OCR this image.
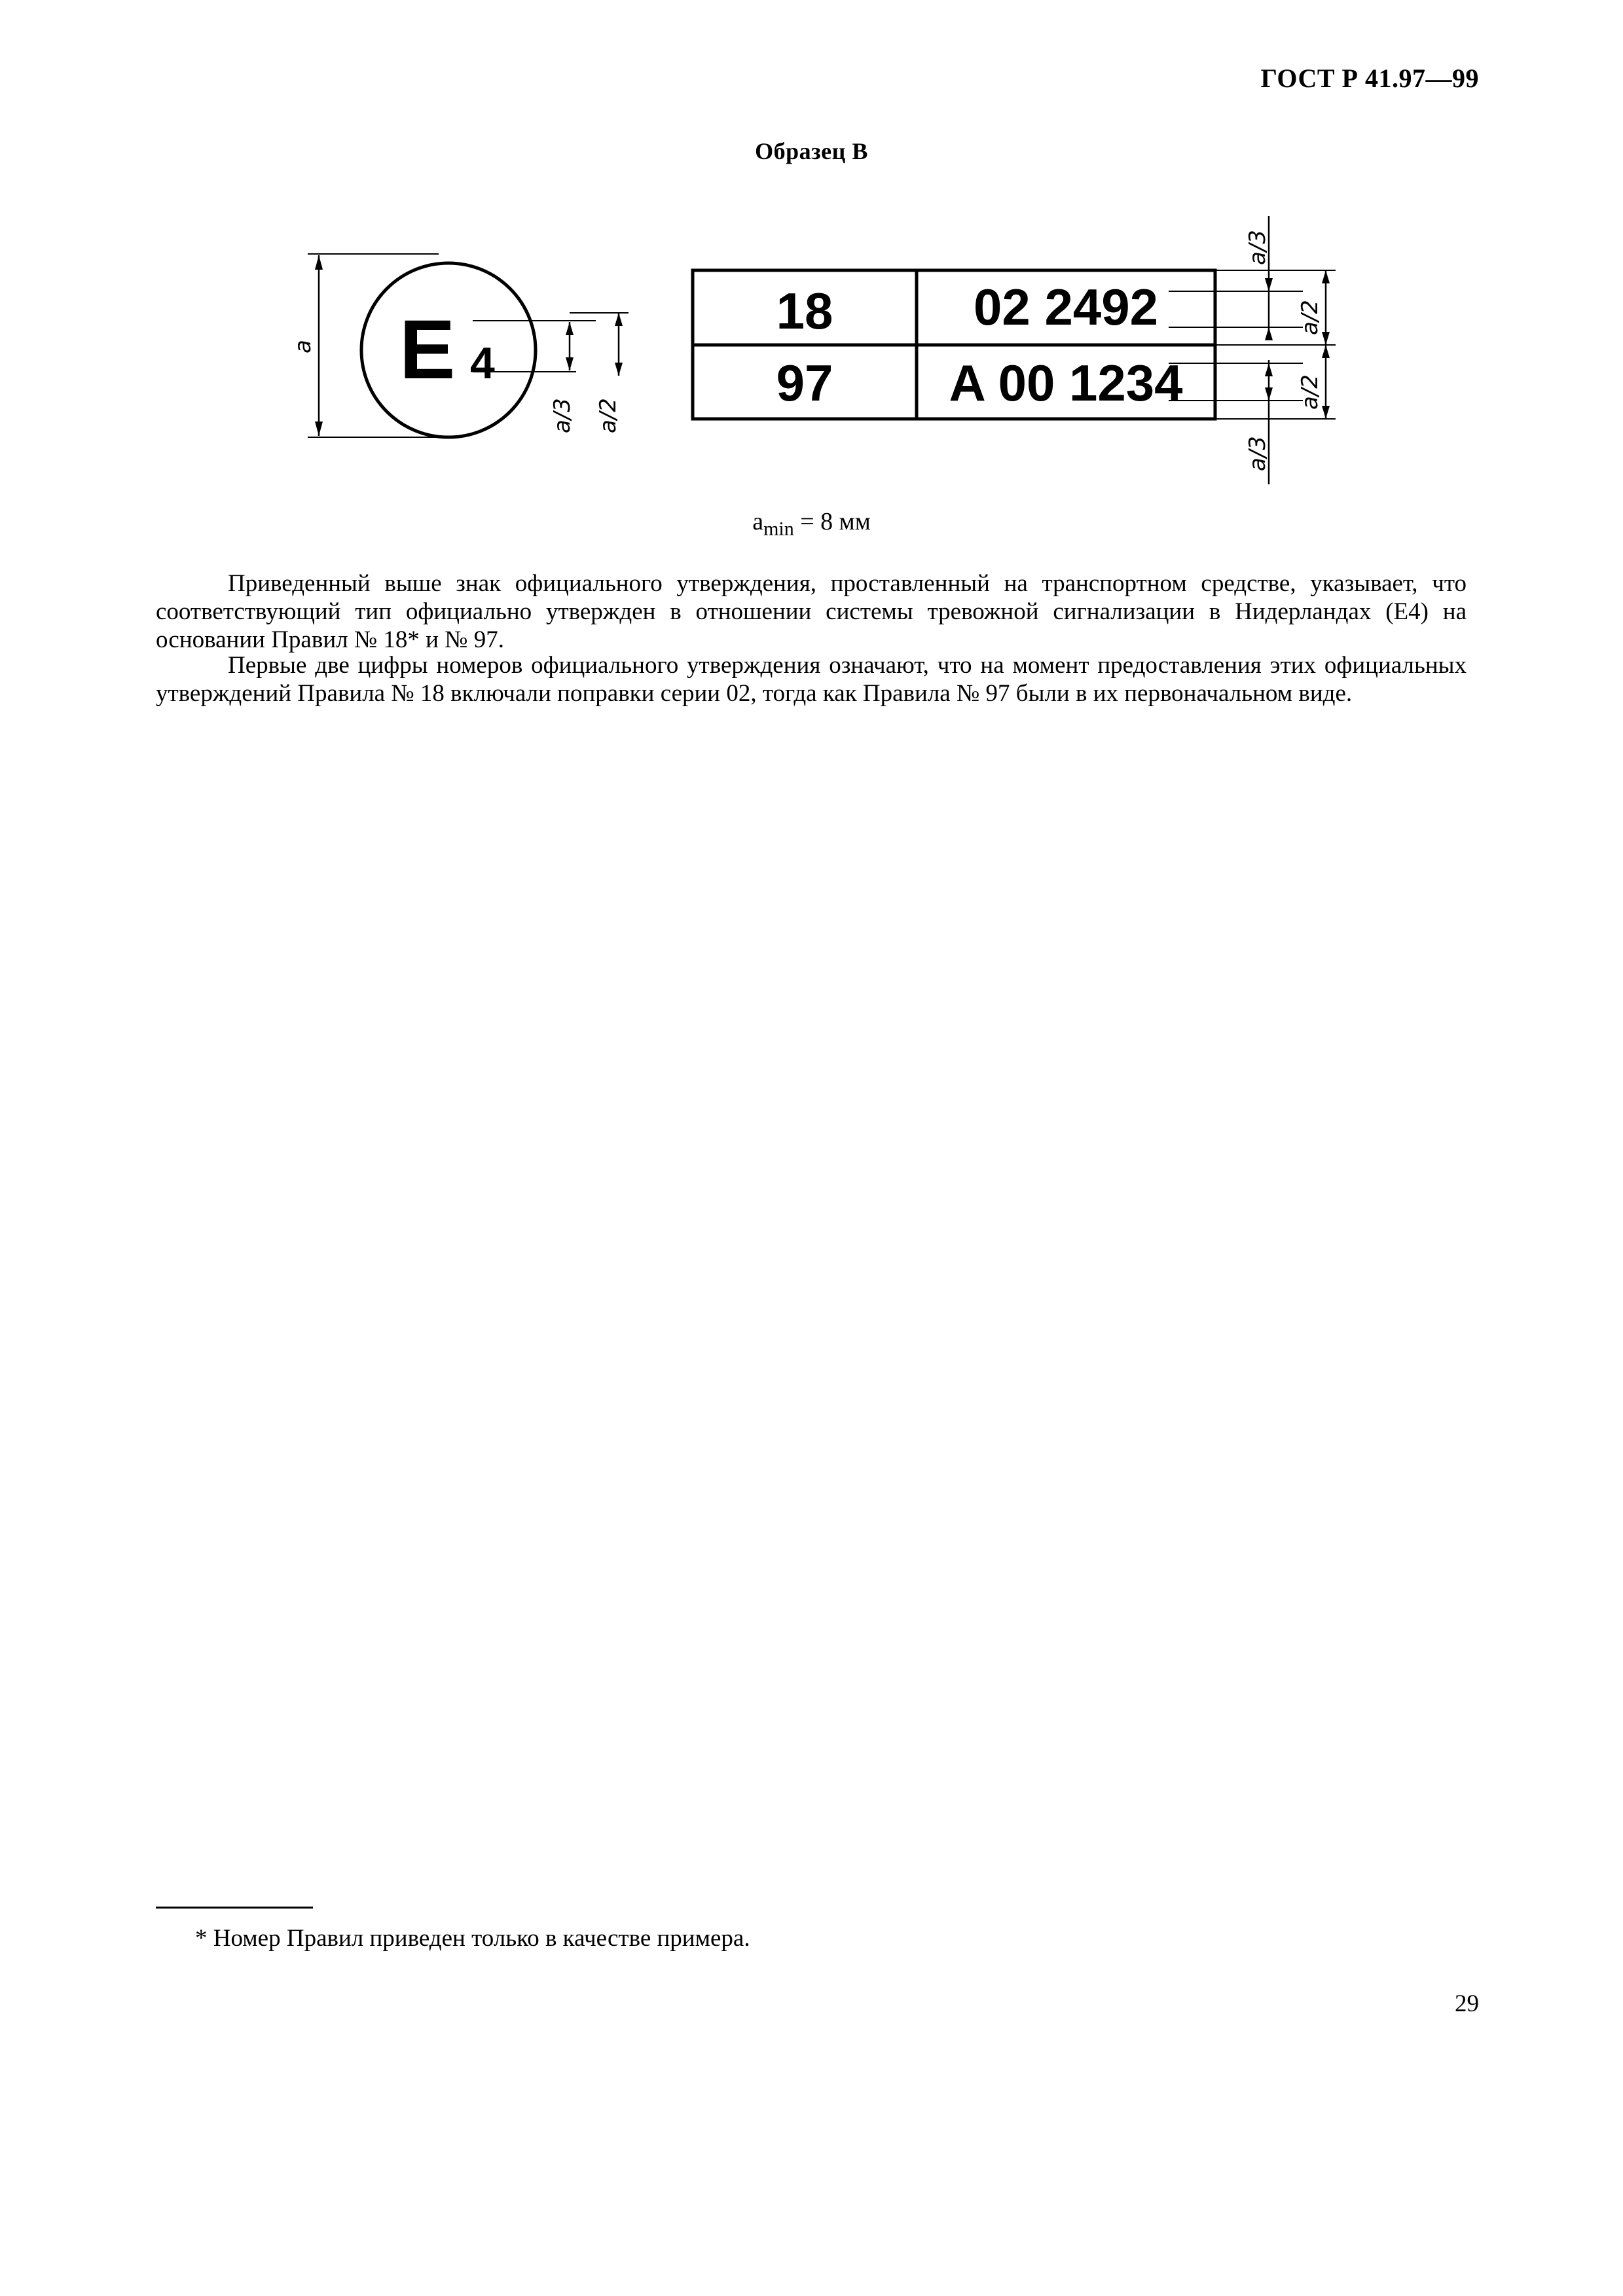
ГОСТ Р 41.97—99
Образец В
E 4
a
a/3 a/2
18	02 2492
97 A 00 1234
a/3
a/2
a/2
a/3
$a_{min} = 8$ мм

Приведенный выше знак официального утверждения, проставленный на транспортном средстве, указывает, что соответствующий тип официально утвержден в отношении системы тревожной сигнализации в Нидерландах (Е4) на основании Правил № 18* и № 97.

Первые две цифры номеров официального утверждения означают, что на момент предоставления этих официальных утверждений Правила № 18 включали поправки серии 02, тогда как Правила № 97 были в их первоначальном виде.

* Номер Правил приведен только в качестве примера.
29
